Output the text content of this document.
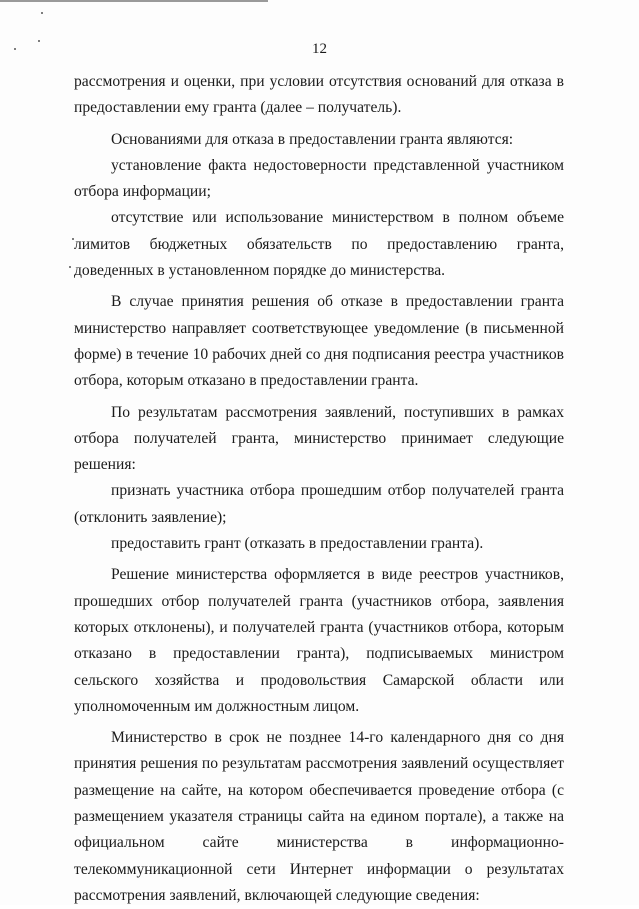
12

рассмотрения и оценки, при условии отсутствия оснований для отказа в предоставлении ему гранта (далее – получатель).

Основаниями для отказа в предоставлении гранта являются:

установление факта недостоверности представленной участником отбора информации;

отсутствие или использование министерством в полном объеме лимитов бюджетных обязательств по предоставлению гранта, доведенных в установленном порядке до министерства.

В случае принятия решения об отказе в предоставлении гранта министерство направляет соответствующее уведомление (в письменной форме) в течение 10 рабочих дней со дня подписания реестра участников отбора, которым отказано в предоставлении гранта.

По результатам рассмотрения заявлений, поступивших в рамках отбора получателей гранта, министерство принимает следующие решения:

признать участника отбора прошедшим отбор получателей гранта (отклонить заявление);

предоставить грант (отказать в предоставлении гранта).

Решение министерства оформляется в виде реестров участников, прошедших отбор получателей гранта (участников отбора, заявления которых отклонены), и получателей гранта (участников отбора, которым отказано в предоставлении гранта), подписываемых министром сельского хозяйства и продовольствия Самарской области или уполномоченным им должностным лицом.

Министерство в срок не позднее 14-го календарного дня со дня принятия решения по результатам рассмотрения заявлений осуществляет размещение на сайте, на котором обеспечивается проведение отбора (с размещением указателя страницы сайта на едином портале), а также на официальном сайте министерства в информационно-телекоммуникационной сети Интернет информации о результатах рассмотрения заявлений, включающей следующие сведения:
